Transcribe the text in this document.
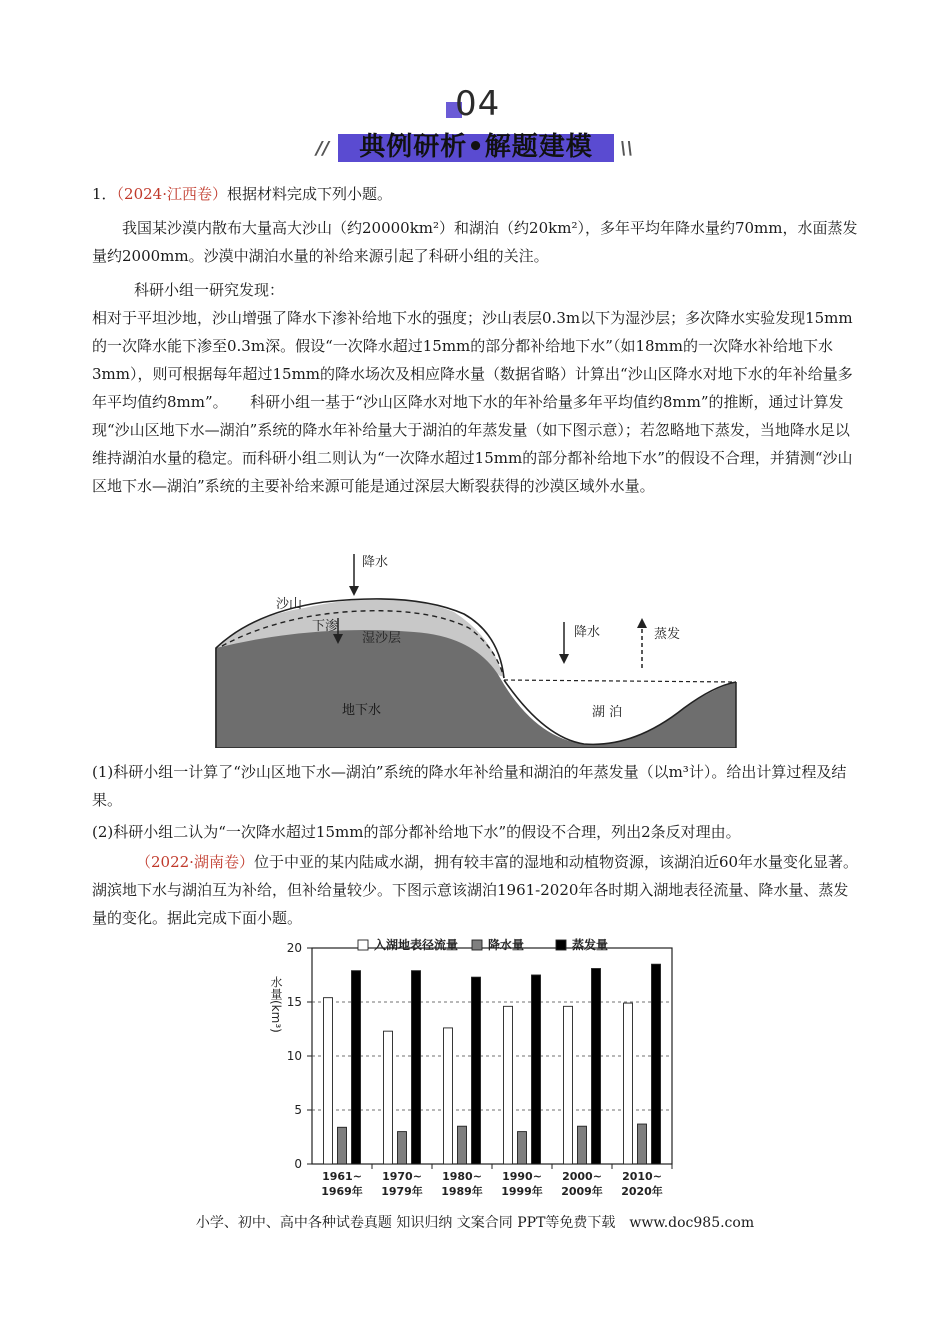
04
典例研析•解题建模
//	\\
1．（2024·江西卷）根据材料完成下列小题。
我国某沙漠内散布大量高大沙山（约20000km²）和湖泊（约20km²），多年平均年降水量约70mm，水面蒸发量约2000mm。沙漠中湖泊水量的补给来源引起了科研小组的关注。
科研小组一研究发现：
相对于平坦沙地，沙山增强了降水下渗补给地下水的强度；沙山表层0.3m以下为湿沙层；多次降水实验发现15mm的一次降水能下渗至0.3m深。假设“一次降水超过15mm的部分都补给地下水”（如18mm的一次降水补给地下水3mm），则可根据每年超过15mm的降水场次及相应降水量（数据省略）计算出“沙山区降水对地下水的年补给量多年平均值约8mm”。　　科研小组一基于“沙山区降水对地下水的年补给量多年平均值约8mm”的推断，通过计算发现“沙山区地下水—湖泊”系统的降水年补给量大于湖泊的年蒸发量（如下图示意）；若忽略地下蒸发，当地降水足以维持湖泊水量的稳定。而科研小组二则认为“一次降水超过15mm的部分都补给地下水”的假设不合理，并猜测“沙山区地下水—湖泊”系统的主要补给来源可能是通过深层大断裂获得的沙漠区域外水量。
降水
沙山
下渗
湿沙层
地下水
降水	蒸发
湖 泊
(1)科研小组一计算了“沙山区地下水—湖泊”系统的降水年补给量和湖泊的年蒸发量（以m³计）。给出计算过程及结果。
(2)科研小组二认为“一次降水超过15mm的部分都补给地下水”的假设不合理，列出2条反对理由。
（2022·湖南卷）位于中亚的某内陆咸水湖，拥有较丰富的湿地和动植物资源，该湖泊近60年水量变化显著。湖滨地下水与湖泊互为补给，但补给量较少。下图示意该湖泊1961-2020年各时期入湖地表径流量、降水量、蒸发量的变化。据此完成下面小题。
0
5
10
15
20
水量(km³)
1961~
1969年
1970~
1979年
1980~
1989年
1990~
1999年
2000~
2009年
2010~
2020年
入湖地表径流量 降水量	蒸发量
小学、初中、高中各种试卷真题 知识归纳 文案合同 PPT等免费下载　www.doc985.com
